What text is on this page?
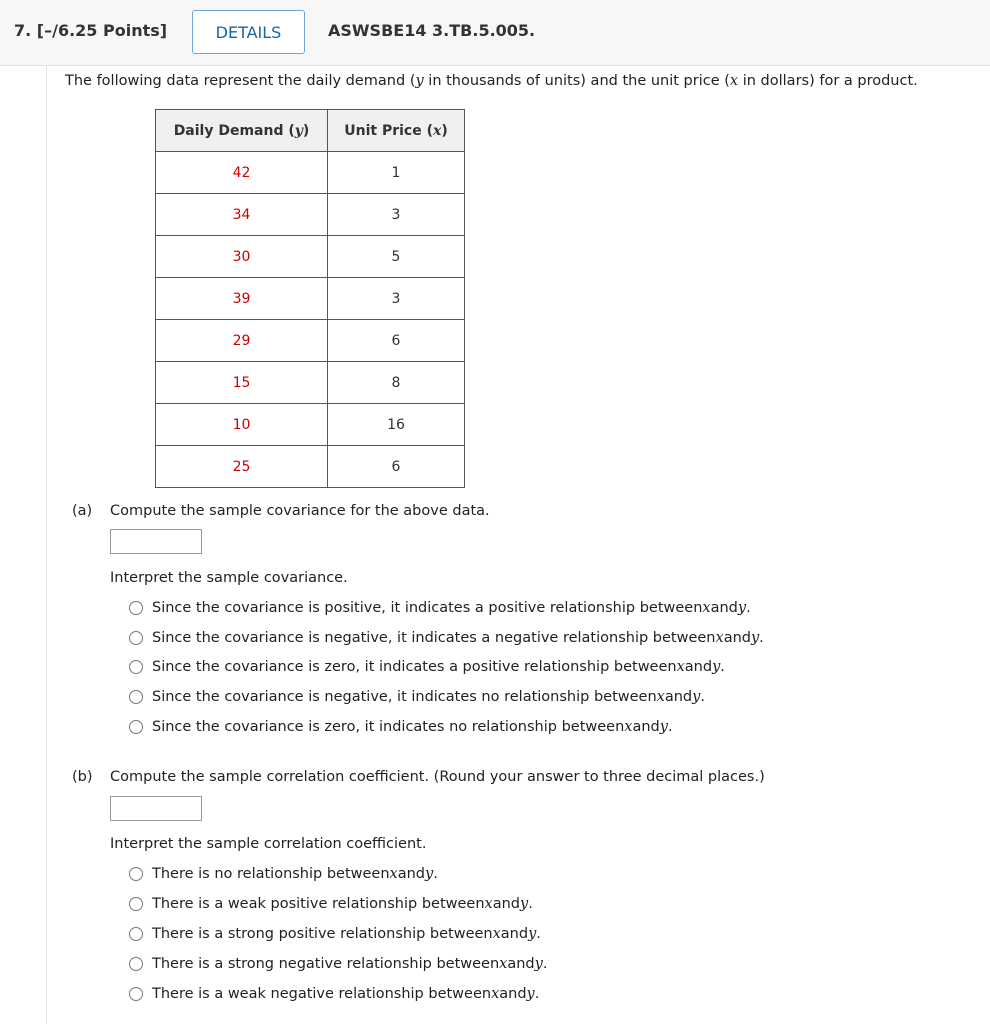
7. [–/6.25 Points]	DETAILS	ASWSBE14 3.TB.5.005.
The following data represent the daily demand (y in thousands of units) and the unit price (x in dollars) for a product.
Daily Demand (y)	Unit Price (x)
42	1
34	3
30	5
39	3
29	6
15	8
10	16
25	6
(a) Compute the sample covariance for the above data.
Interpret the sample covariance.
Since the covariance is positive, it indicates a positive relationship between x and y .
Since the covariance is negative, it indicates a negative relationship between x and y .
Since the covariance is zero, it indicates a positive relationship between x and y .
Since the covariance is negative, it indicates no relationship between x and y .
Since the covariance is zero, it indicates no relationship between x and y .
(b) Compute the sample correlation coefficient. (Round your answer to three decimal places.)
Interpret the sample correlation coefficient.
There is no relationship between x and y .
There is a weak positive relationship between x and y .
There is a strong positive relationship between x and y .
There is a strong negative relationship between x and y .
There is a weak negative relationship between x and y .
